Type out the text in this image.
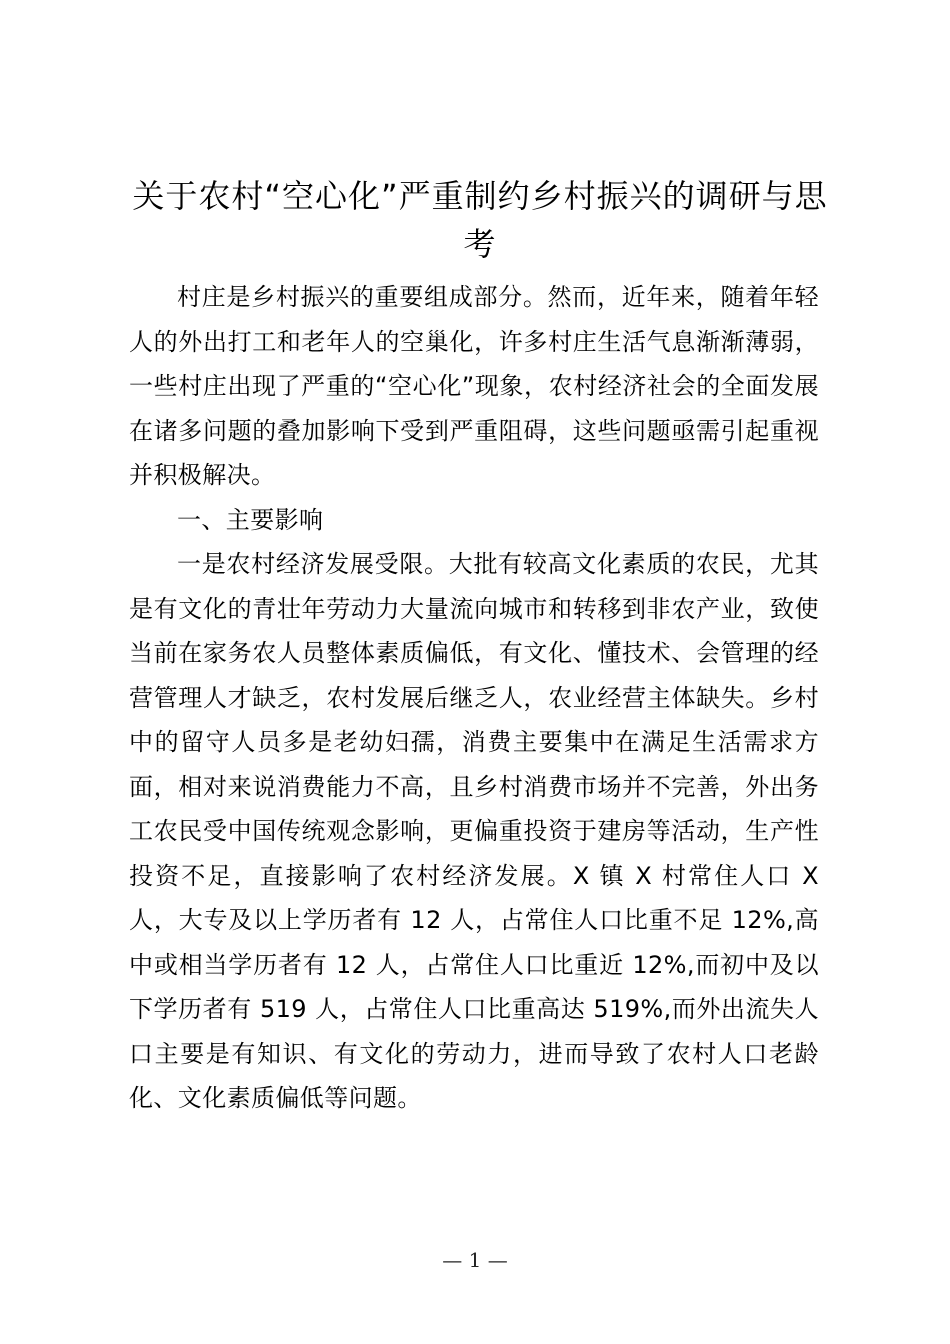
关于农村“空心化”严重制约乡村振兴的调研与思考

村庄是乡村振兴的重要组成部分。然而，近年来，随着年轻人的外出打工和老年人的空巢化，许多村庄生活气息渐渐薄弱，一些村庄出现了严重的“空心化”现象，农村经济社会的全面发展在诸多问题的叠加影响下受到严重阻碍，这些问题亟需引起重视并积极解决。

一、主要影响

一是农村经济发展受限。大批有较高文化素质的农民，尤其是有文化的青壮年劳动力大量流向城市和转移到非农产业，致使当前在家务农人员整体素质偏低，有文化、懂技术、会管理的经营管理人才缺乏，农村发展后继乏人，农业经营主体缺失。乡村中的留守人员多是老幼妇孺，消费主要集中在满足生活需求方面，相对来说消费能力不高，且乡村消费市场并不完善，外出务工农民受中国传统观念影响，更偏重投资于建房等活动，生产性投资不足，直接影响了农村经济发展。X 镇 X 村常住人口 X 人，大专及以上学历者有 12 人，占常住人口比重不足 12%,高中或相当学历者有 12 人，占常住人口比重近 12%,而初中及以下学历者有 519 人，占常住人口比重高达 519%,而外出流失人口主要是有知识、有文化的劳动力，进而导致了农村人口老龄化、文化素质偏低等问题。

— 1 —
